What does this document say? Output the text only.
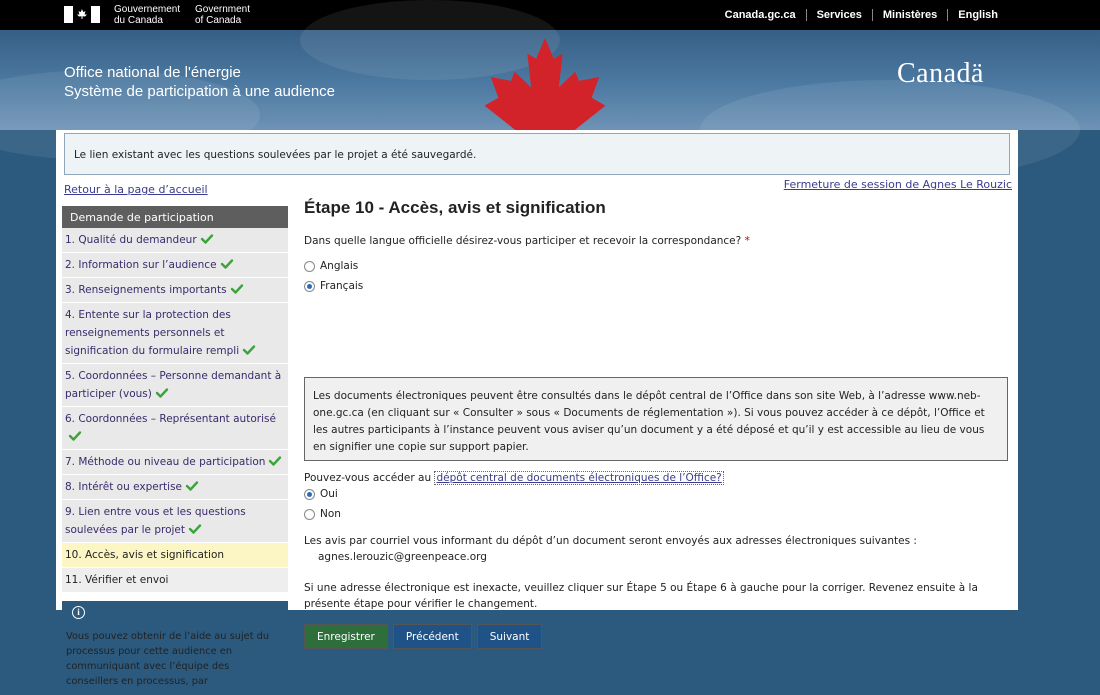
Gouvernement du Canada
Government of Canada	Canada.gc.ca	Services	Ministères	English
Office national de l'énergie
Système de participation à une audience
Canadä
Le lien existant avec les questions soulevées par le projet a été sauvegardé.
Retour à la page d’accueil	Fermeture de session de Agnes Le Rouzic
Demande de participation
1. Qualité du demandeur
2. Information sur l’audience
3. Renseignements importants
4. Entente sur la protection des renseignements personnels et signification du formulaire rempli
5. Coordonnées – Personne demandant à participer (vous)
6. Coordonnées – Représentant autorisé
7. Méthode ou niveau de participation
8. Intérêt ou expertise
9. Lien entre vous et les questions soulevées par le projet
10. Accès, avis et signification
11. Vérifier et envoi
i
Vous pouvez obtenir de l’aide au sujet du processus pour cette audience en communiquant avec l’équipe des conseillers en processus, par
Étape 10 - Accès, avis et signification
Dans quelle langue officielle désirez-vous participer et recevoir la correspondance? *
Anglais
Français
Les documents électroniques peuvent être consultés dans le dépôt central de l’Office dans son site Web, à l’adresse www.neb-one.gc.ca (en cliquant sur « Consulter » sous « Documents de réglementation »). Si vous pouvez accéder à ce dépôt, l’Office et les autres participants à l’instance peuvent vous aviser qu’un document y a été déposé et qu’il y est accessible au lieu de vous en signifier une copie sur support papier.
Pouvez-vous accéder au dépôt central de documents électroniques de l’Office?
Oui
Non
Les avis par courriel vous informant du dépôt d’un document seront envoyés aux adresses électroniques suivantes :
agnes.lerouzic@greenpeace.org
Si une adresse électronique est inexacte, veuillez cliquer sur Étape 5 ou Étape 6 à gauche pour la corriger. Revenez ensuite à la présente étape pour vérifier le changement.
Enregistrer	Précédent	Suivant
